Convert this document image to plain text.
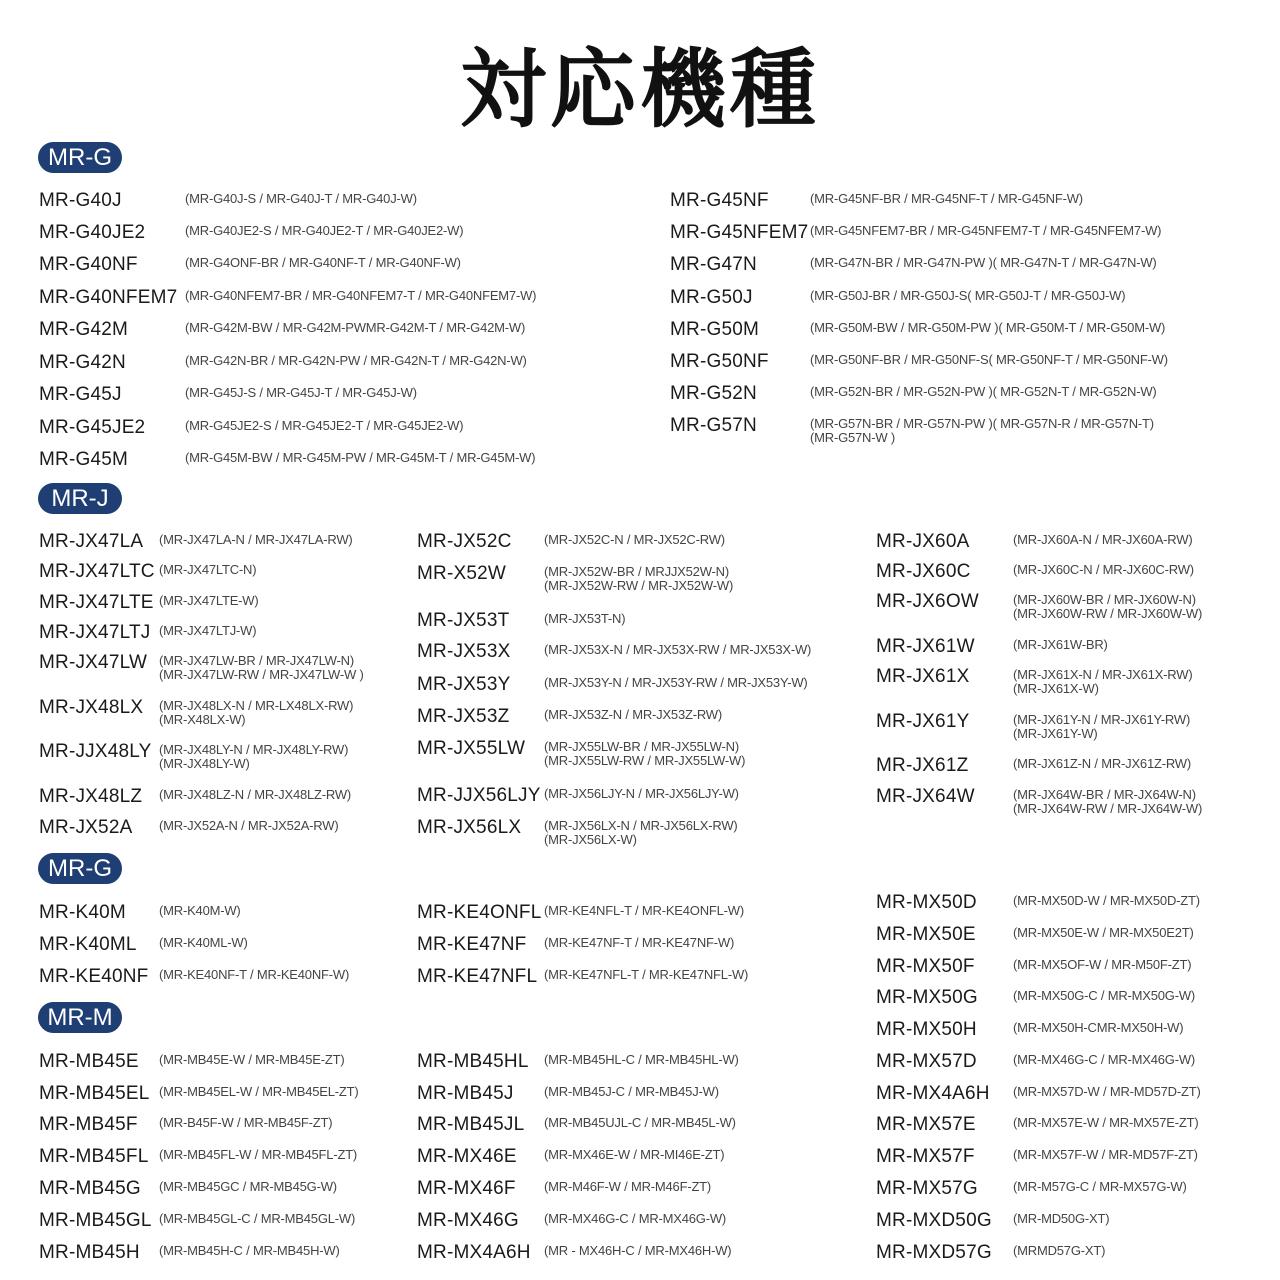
対応機種
MR-G
MR-G40J	(MR-G40J-S / MR-G40J-T / MR-G40J-W)
MR-G40JE2	(MR-G40JE2-S / MR-G40JE2-T / MR-G40JE2-W)
MR-G40NF	(MR-G4ONF-BR / MR-G40NF-T / MR-G40NF-W)
MR-G40NFEM7 (MR-G40NFEM7-BR / MR-G40NFEM7-T / MR-G40NFEM7-W)
MR-G42M	(MR-G42M-BW / MR-G42M-PWMR-G42M-T / MR-G42M-W)
MR-G42N	(MR-G42N-BR / MR-G42N-PW / MR-G42N-T / MR-G42N-W)
MR-G45J	(MR-G45J-S / MR-G45J-T / MR-G45J-W)
MR-G45JE2	(MR-G45JE2-S / MR-G45JE2-T / MR-G45JE2-W)
MR-G45M	(MR-G45M-BW / MR-G45M-PW / MR-G45M-T / MR-G45M-W)
MR-G45NF	(MR-G45NF-BR / MR-G45NF-T / MR-G45NF-W)
MR-G45NFEM7 (MR-G45NFEM7-BR / MR-G45NFEM7-T / MR-G45NFEM7-W)
MR-G47N	(MR-G47N-BR / MR-G47N-PW )( MR-G47N-T / MR-G47N-W)
MR-G50J	(MR-G50J-BR / MR-G50J-S( MR-G50J-T / MR-G50J-W)
MR-G50M	(MR-G50M-BW / MR-G50M-PW )( MR-G50M-T / MR-G50M-W)
MR-G50NF	(MR-G50NF-BR / MR-G50NF-S( MR-G50NF-T / MR-G50NF-W)
MR-G52N	(MR-G52N-BR / MR-G52N-PW )( MR-G52N-T / MR-G52N-W)
MR-G57N	(MR-G57N-BR / MR-G57N-PW )( MR-G57N-R / MR-G57N-T)
(MR-G57N-W )
MR-J
MR-JX47LA (MR-JX47LA-N / MR-JX47LA-RW)
MR-JX47LTC (MR-JX47LTC-N)
MR-JX47LTE (MR-JX47LTE-W)
MR-JX47LTJ (MR-JX47LTJ-W)
MR-JX47LW (MR-JX47LW-BR / MR-JX47LW-N)
(MR-JX47LW-RW / MR-JX47LW-W )
MR-JX48LX (MR-JX48LX-N / MR-LX48LX-RW)
(MR-X48LX-W)
MR-JJX48LY (MR-JX48LY-N / MR-JX48LY-RW)
(MR-JX48LY-W)
MR-JX48LZ (MR-JX48LZ-N / MR-JX48LZ-RW)
MR-JX52A (MR-JX52A-N / MR-JX52A-RW)
MR-JX52C (MR-JX52C-N / MR-JX52C-RW)
MR-X52W	(MR-JX52W-BR / MRJJX52W-N)
(MR-JX52W-RW / MR-JX52W-W)
MR-JX53T	(MR-JX53T-N)
MR-JX53X	(MR-JX53X-N / MR-JX53X-RW / MR-JX53X-W)
MR-JX53Y	(MR-JX53Y-N / MR-JX53Y-RW / MR-JX53Y-W)
MR-JX53Z	(MR-JX53Z-N / MR-JX53Z-RW)
MR-JX55LW (MR-JX55LW-BR / MR-JX55LW-N)
(MR-JX55LW-RW / MR-JX55LW-W)
MR-JJX56LJY (MR-JX56LJY-N / MR-JX56LJY-W)
MR-JX56LX (MR-JX56LX-N / MR-JX56LX-RW)
(MR-JX56LX-W)
MR-JX60A	(MR-JX60A-N / MR-JX60A-RW)
MR-JX60C	(MR-JX60C-N / MR-JX60C-RW)
MR-JX6OW	(MR-JX60W-BR / MR-JX60W-N)
(MR-JX60W-RW / MR-JX60W-W)
MR-JX61W	(MR-JX61W-BR)
MR-JX61X	(MR-JX61X-N / MR-JX61X-RW)
(MR-JX61X-W)
MR-JX61Y	(MR-JX61Y-N / MR-JX61Y-RW)
(MR-JX61Y-W)
MR-JX61Z	(MR-JX61Z-N / MR-JX61Z-RW)
MR-JX64W	(MR-JX64W-BR / MR-JX64W-N)
(MR-JX64W-RW / MR-JX64W-W)
MR-G
MR-K40M	(MR-K40M-W)
MR-K40ML (MR-K40ML-W)
MR-KE40NF (MR-KE40NF-T / MR-KE40NF-W)
MR-KE4ONFL (MR-KE4NFL-T / MR-KE4ONFL-W)
MR-KE47NF (MR-KE47NF-T / MR-KE47NF-W)
MR-KE47NFL (MR-KE47NFL-T / MR-KE47NFL-W)
MR-M
MR-MB45E (MR-MB45E-W / MR-MB45E-ZT)
MR-MB45EL (MR-MB45EL-W / MR-MB45EL-ZT)
MR-MB45F (MR-B45F-W / MR-MB45F-ZT)
MR-MB45FL (MR-MB45FL-W / MR-MB45FL-ZT)
MR-MB45G (MR-MB45GC / MR-MB45G-W)
MR-MB45GL (MR-MB45GL-C / MR-MB45GL-W)
MR-MB45H (MR-MB45H-C / MR-MB45H-W)
MR-MB45HL (MR-MB45HL-C / MR-MB45HL-W)
MR-MB45J (MR-MB45J-C / MR-MB45J-W)
MR-MB45JL (MR-MB45UJL-C / MR-MB45L-W)
MR-MX46E (MR-MX46E-W / MR-MI46E-ZT)
MR-MX46F (MR-M46F-W / MR-M46F-ZT)
MR-MX46G (MR-MX46G-C / MR-MX46G-W)
MR-MX4A6H (MR - MX46H-C / MR-MX46H-W)
MR-MX50D	(MR-MX50D-W / MR-MX50D-ZT)
MR-MX50E	(MR-MX50E-W / MR-MX50E2T)
MR-MX50F	(MR-MX5OF-W / MR-M50F-ZT)
MR-MX50G	(MR-MX50G-C / MR-MX50G-W)
MR-MX50H	(MR-MX50H-CMR-MX50H-W)
MR-MX57D	(MR-MX46G-C / MR-MX46G-W)
MR-MX4A6H (MR-MX57D-W / MR-MD57D-ZT)
MR-MX57E	(MR-MX57E-W / MR-MX57E-ZT)
MR-MX57F	(MR-MX57F-W / MR-MD57F-ZT)
MR-MX57G	(MR-M57G-C / MR-MX57G-W)
MR-MXD50G (MR-MD50G-XT)
MR-MXD57G (MRMD57G-XT)
